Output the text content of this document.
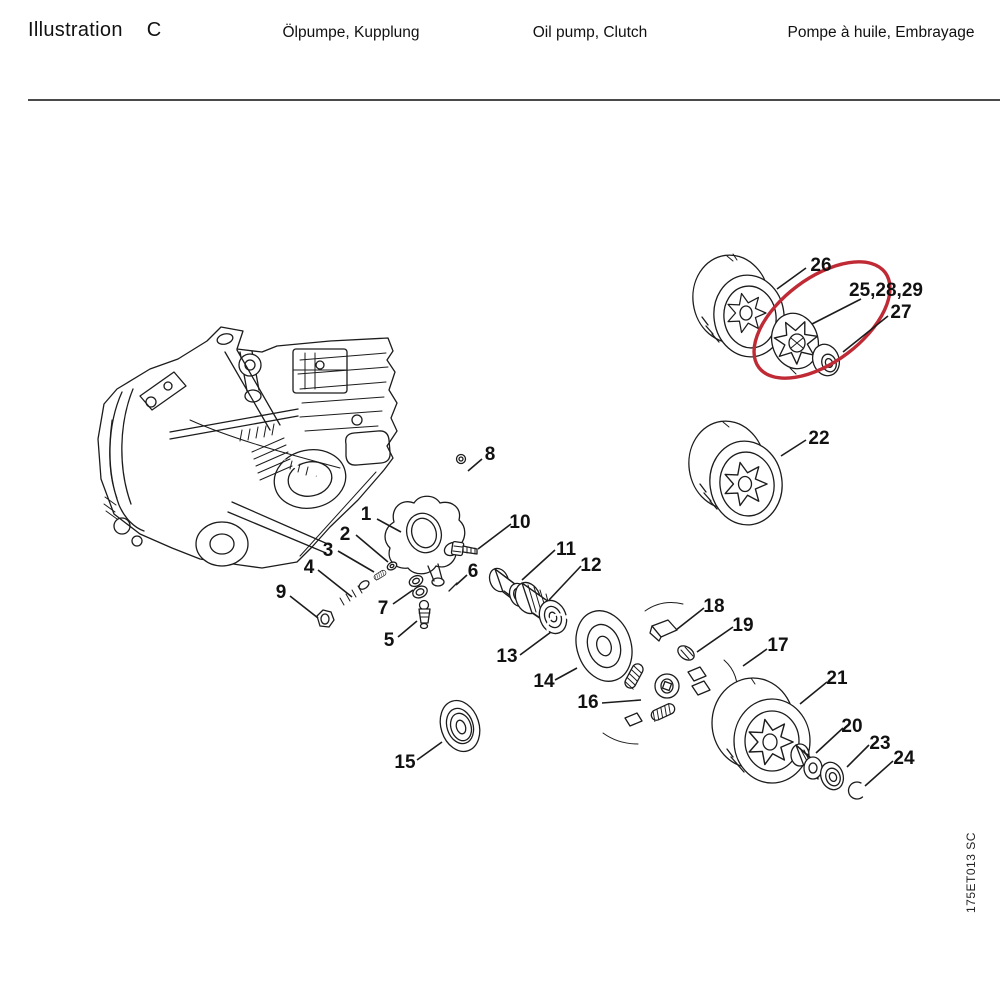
Illustration C	Ölpumpe, Kupplung	Oil pump, Clutch	Pompe à huile, Embrayage
1
2
3
4
5
6
7
8
9
10
11
12
13
14
15
16
17
18
19
20
21
22
23
24
26
27
25,28,29
175ET013 SC
